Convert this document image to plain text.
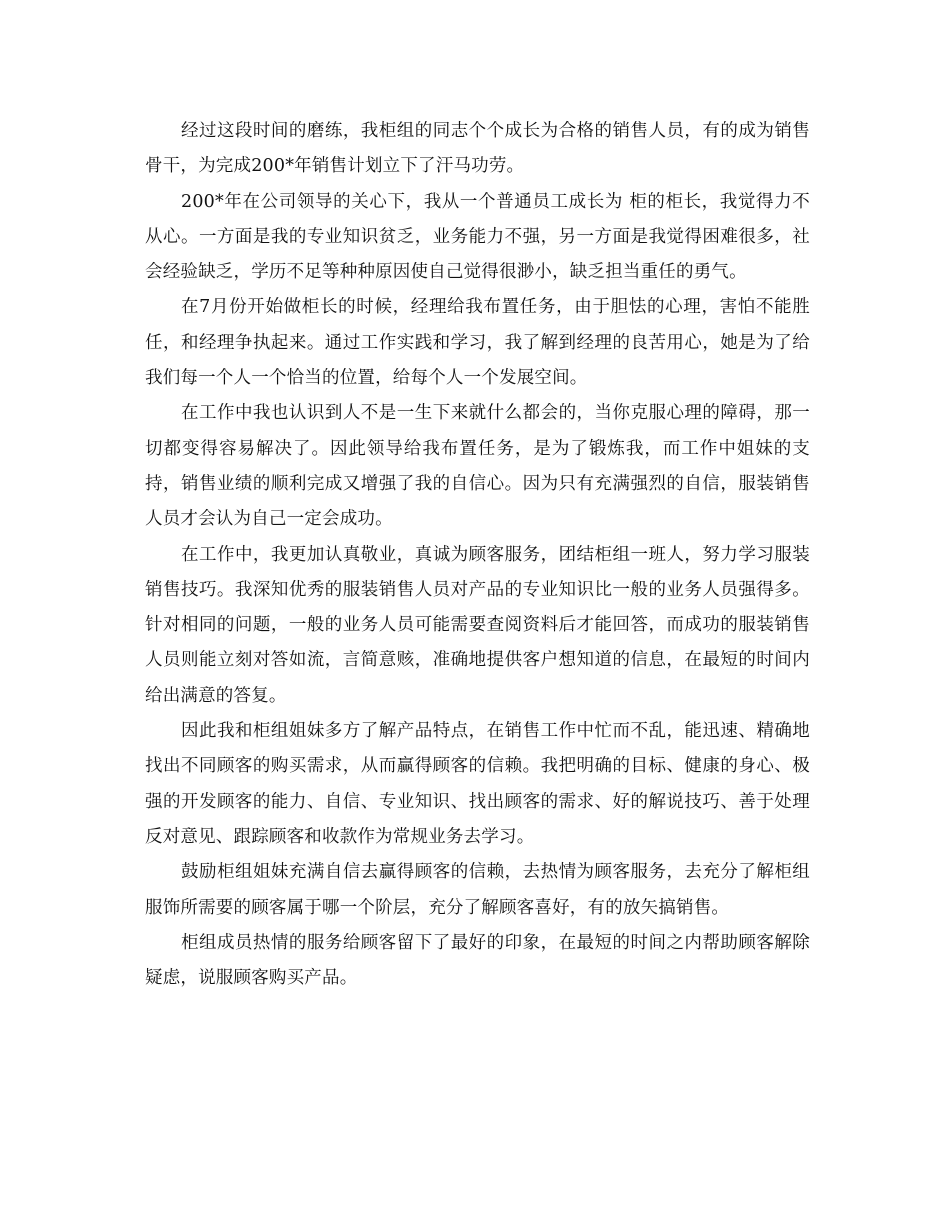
经过这段时间的磨练，我柜组的同志个个成长为合格的销售人员，有的成为销售骨干，为完成200*年销售计划立下了汗马功劳。

200*年在公司领导的关心下，我从一个普通员工成长为 柜的柜长，我觉得力不从心。一方面是我的专业知识贫乏，业务能力不强，另一方面是我觉得困难很多，社会经验缺乏，学历不足等种种原因使自己觉得很渺小，缺乏担当重任的勇气。

在7月份开始做柜长的时候，经理给我布置任务，由于胆怯的心理，害怕不能胜任，和经理争执起来。通过工作实践和学习，我了解到经理的良苦用心，她是为了给我们每一个人一个恰当的位置，给每个人一个发展空间。

在工作中我也认识到人不是一生下来就什么都会的，当你克服心理的障碍，那一切都变得容易解决了。因此领导给我布置任务，是为了锻炼我，而工作中姐妹的支持，销售业绩的顺利完成又增强了我的自信心。因为只有充满强烈的自信，服装销售人员才会认为自己一定会成功。

在工作中，我更加认真敬业，真诚为顾客服务，团结柜组一班人，努力学习服装销售技巧。我深知优秀的服装销售人员对产品的专业知识比一般的业务人员强得多。针对相同的问题，一般的业务人员可能需要查阅资料后才能回答，而成功的服装销售人员则能立刻对答如流，言简意赅，准确地提供客户想知道的信息，在最短的时间内给出满意的答复。

因此我和柜组姐妹多方了解产品特点，在销售工作中忙而不乱，能迅速、精确地找出不同顾客的购买需求，从而赢得顾客的信赖。我把明确的目标、健康的身心、极强的开发顾客的能力、自信、专业知识、找出顾客的需求、好的解说技巧、善于处理反对意见、跟踪顾客和收款作为常规业务去学习。

鼓励柜组姐妹充满自信去赢得顾客的信赖，去热情为顾客服务，去充分了解柜组服饰所需要的顾客属于哪一个阶层，充分了解顾客喜好，有的放矢搞销售。

柜组成员热情的服务给顾客留下了最好的印象，在最短的时间之内帮助顾客解除疑虑，说服顾客购买产品。
